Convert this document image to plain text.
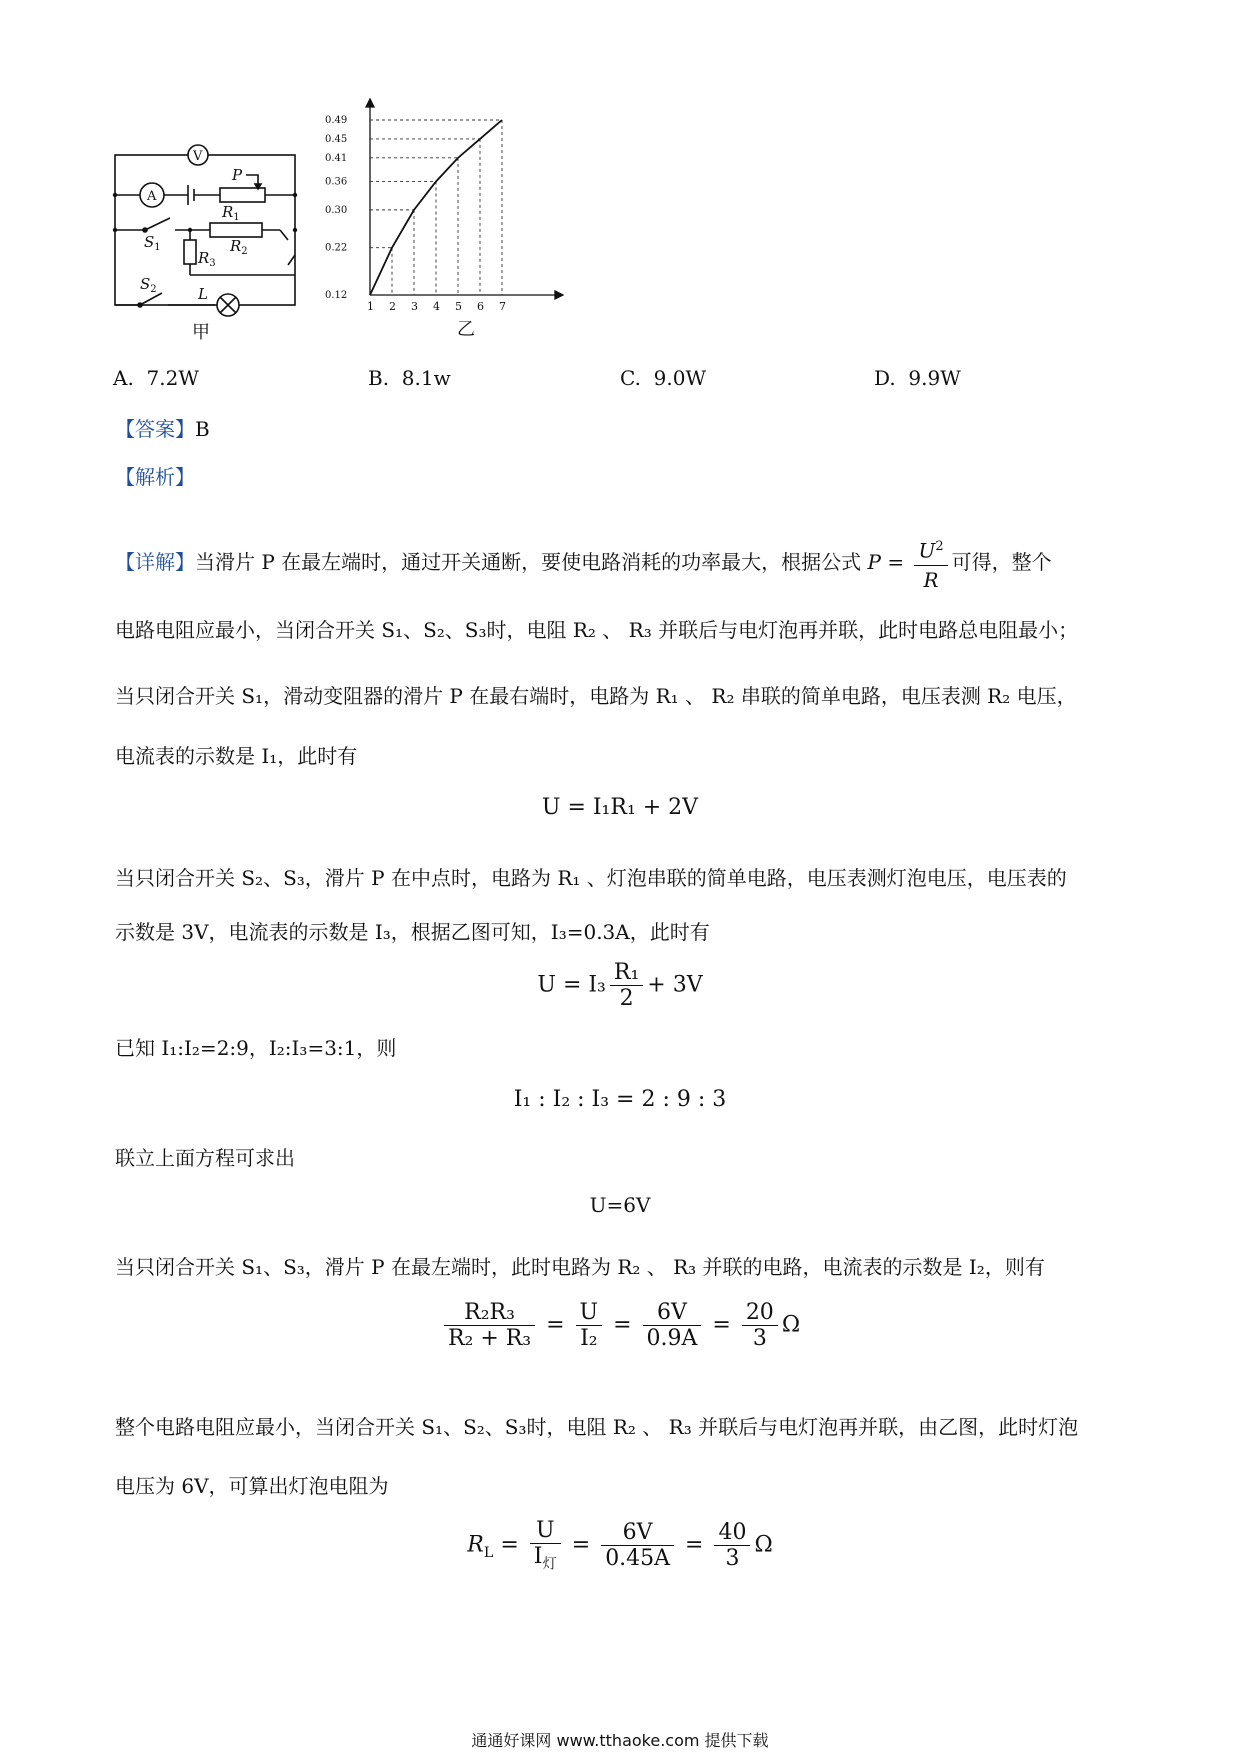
V
A
P
$R_1$
$R_2$
$R_3$
$S_1$
$S_2$	L
甲
1 2 3 4 5 6 7
0.12
0.22
0.30
0.36
0.41
0.45
0.49
乙
A. 7.2W	B. 8.1w	C. 9.0W	D. 9.9W
【答案】B
【解析】
【详解】当滑片 P 在最左端时，通过开关通断，要使电路消耗的功率最大，根据公式 $P = \frac{U^2}{R}$ 可得，整个
电路电阻应最小，当闭合开关 S₁、S₂、S₃时，电阻 R₂ 、 R₃ 并联后与电灯泡再并联，此时电路总电阻最小；
当只闭合开关 S₁，滑动变阻器的滑片 P 在最右端时，电路为 R₁ 、 R₂ 串联的简单电路，电压表测 R₂ 电压，
电流表的示数是 I₁，此时有
U = I₁R₁ + 2V
当只闭合开关 S₂、S₃，滑片 P 在中点时，电路为 R₁ 、灯泡串联的简单电路，电压表测灯泡电压，电压表的
示数是 3V，电流表的示数是 I₃，根据乙图可知，I₃=0.3A，此时有
$U = I_3 \frac{\text{R₁}}{2} + 3V$
已知 I₁:I₂=2:9，I₂:I₃=3:1，则
I₁ : I₂ : I₃ = 2 : 9 : 3
联立上面方程可求出
U=6V
当只闭合开关 S₁、S₃，滑片 P 在最左端时，此时电路为 R₂ 、 R₃ 并联的电路，电流表的示数是 I₂，则有
$\frac{\text{R₂R₃}}{\text{R₂ + R₃}} = \frac{U}{\text{I₂}} = \frac{6V}{0.9A} = \frac{20}{3}$ Ω
整个电路电阻应最小，当闭合开关 S₁、S₂、S₃时，电阻 R₂ 、 R₃ 并联后与电灯泡再并联，由乙图，此时灯泡
电压为 6V，可算出灯泡电阻为
$R_L = \frac{U}{I_灯} = \frac{6V}{0.45A} = \frac{40}{3}$ Ω
通通好课网 www.tthaoke.com 提供下载
